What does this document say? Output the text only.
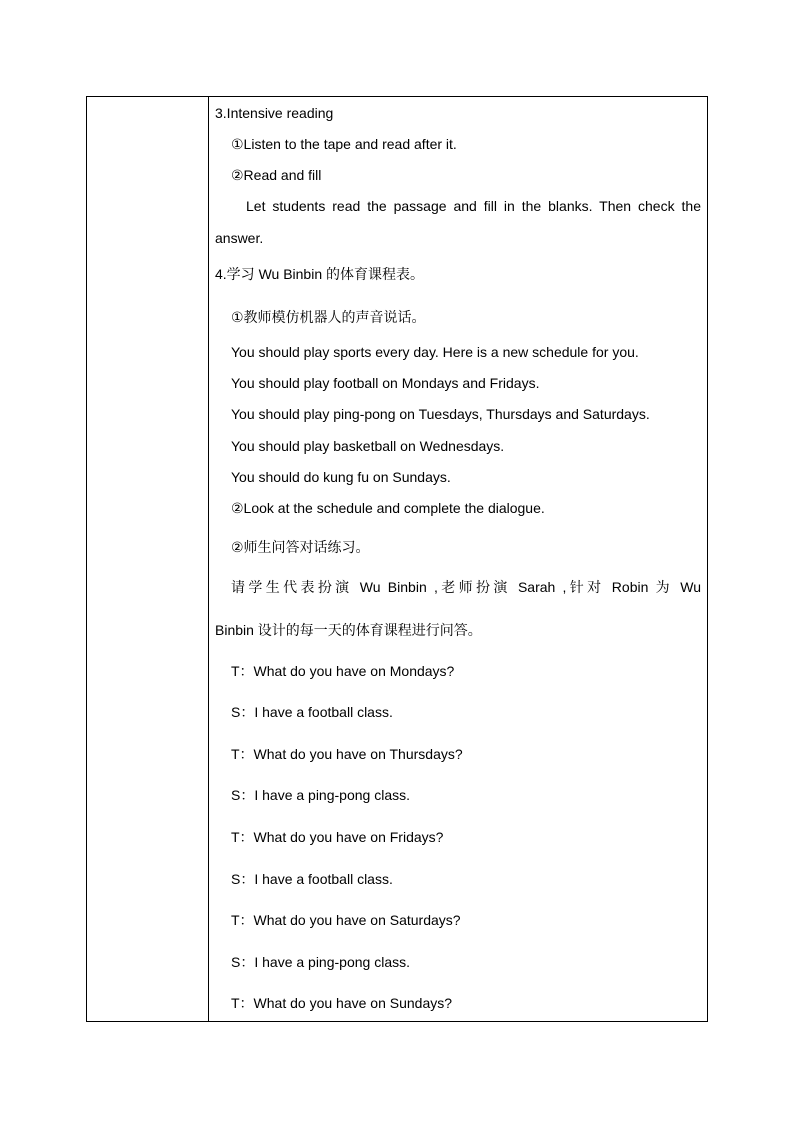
3.Intensive reading
①Listen to the tape and read after it.
②Read and fill
Let students read the passage and fill in the blanks. Then check the
answer.
4.学习 Wu Binbin 的体育课程表。
①教师模仿机器人的声音说话。
You should play sports every day. Here is a new schedule for you.
You should play football on Mondays and Fridays.
You should play ping-pong on Tuesdays, Thursdays and Saturdays.
You should play basketball on Wednesdays.
You should do kung fu on Sundays.
②Look at the schedule and complete the dialogue.
②师生问答对话练习。
请学生代表扮演 Wu Binbin ,老师扮演 Sarah ,针对 Robin 为 Wu
Binbin 设计的每一天的体育课程进行问答。
T：What do you have on Mondays?
S：I have a football class.
T：What do you have on Thursdays?
S：I have a ping-pong class.
T：What do you have on Fridays?
S：I have a football class.
T：What do you have on Saturdays?
S：I have a ping-pong class.
T：What do you have on Sundays?
